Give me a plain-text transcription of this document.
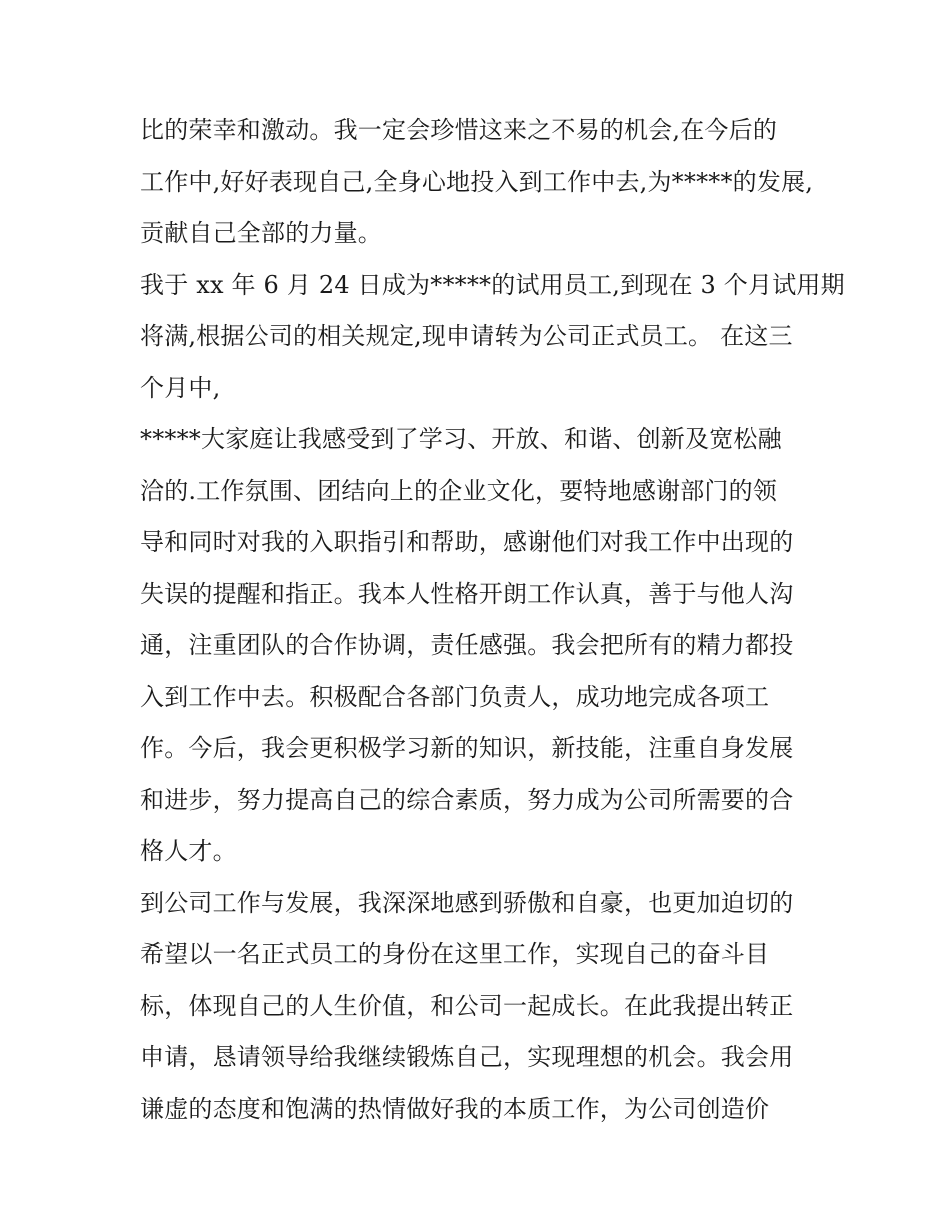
比的荣幸和激动。我一定会珍惜这来之不易的机会,在今后的
工作中,好好表现自己,全身心地投入到工作中去,为*****的发展,
贡献自己全部的力量。
我于 xx 年 6 月 24 日成为*****的试用员工,到现在 3 个月试用期
将满,根据公司的相关规定,现申请转为公司正式员工。 在这三
个月中,
*****大家庭让我感受到了学习、开放、和谐、创新及宽松融
洽的.工作氛围、团结向上的企业文化，要特地感谢部门的领
导和同时对我的入职指引和帮助，感谢他们对我工作中出现的
失误的提醒和指正。我本人性格开朗工作认真，善于与他人沟
通，注重团队的合作协调，责任感强。我会把所有的精力都投
入到工作中去。积极配合各部门负责人，成功地完成各项工
作。今后，我会更积极学习新的知识，新技能，注重自身发展
和进步，努力提高自己的综合素质，努力成为公司所需要的合
格人才。
到公司工作与发展，我深深地感到骄傲和自豪，也更加迫切的
希望以一名正式员工的身份在这里工作，实现自己的奋斗目
标，体现自己的人生价值，和公司一起成长。在此我提出转正
申请，恳请领导给我继续锻炼自己，实现理想的机会。我会用
谦虚的态度和饱满的热情做好我的本质工作，为公司创造价
